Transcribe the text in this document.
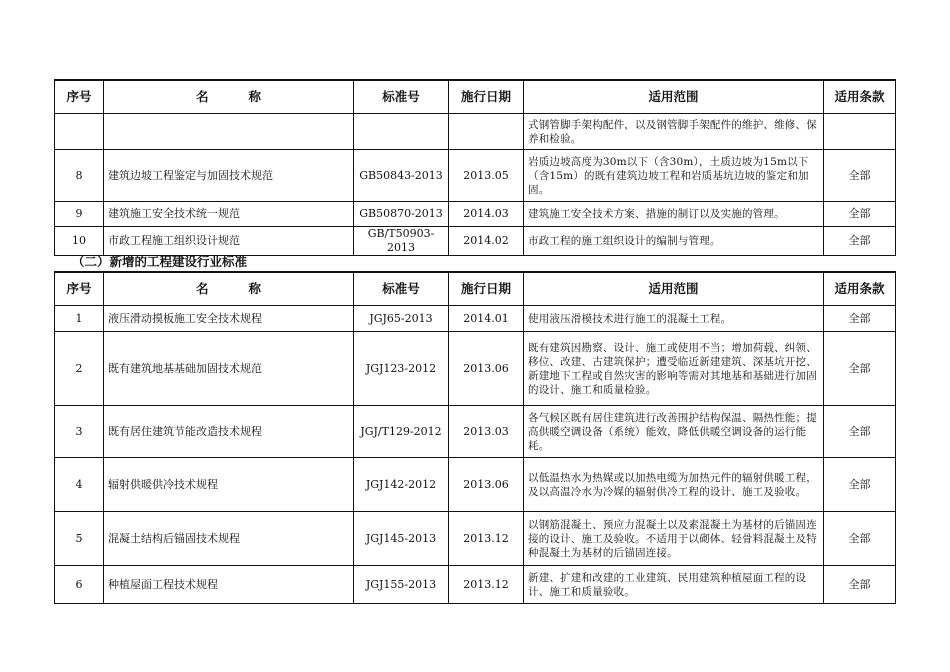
序号	名 称	标准号	施行日期	适用范围	适用条款
				式钢管脚手架构配件，以及钢管脚手架配件的维护、维修、保养和检验。	
8	建筑边坡工程鉴定与加固技术规范	GB50843-2013	2013.05	岩质边坡高度为30m以下（含30m），土质边坡为15m以下（含15m）的既有建筑边坡工程和岩质基坑边坡的鉴定和加固。	全部
9	建筑施工安全技术统一规范	GB50870-2013	2014.03	建筑施工安全技术方案、措施的制订以及实施的管理。	全部
10	市政工程施工组织设计规范	GB/T50903-2013	2014.02	市政工程的施工组织设计的编制与管理。	全部
（二）新增的工程建设行业标准
序号	名 称	标准号	施行日期	适用范围	适用条款
1	液压滑动摸板施工安全技术规程	JGJ65-2013	2014.01	使用液压滑模技术进行施工的混凝土工程。	全部
2	既有建筑地基基础加固技术规范	JGJ123-2012	2013.06	既有建筑因勘察、设计、施工或使用不当；增加荷载、纠领、移位、改建、古建筑保护；遭受临近新建建筑、深基坑开挖、新建地下工程或自然灾害的影响等需对其地基和基础进行加固的设计、施工和质量检验。	全部
3	既有居住建筑节能改造技术规程	JGJ/T129-2012	2013.03	各气候区既有居住建筑进行改善围护结构保温、隔热性能；提高供暖空调设备（系统）能效，降低供暖空调设备的运行能耗。	全部
4	辐射供暖供冷技术规程	JGJ142-2012	2013.06	以低温热水为热媒或以加热电缆为加热元件的辐射供暖工程，及以高温冷水为冷媒的辐射供冷工程的设计、施工及验收。	全部
5	混凝土结构后锚固技术规程	JGJ145-2013	2013.12	以钢筋混凝土、预应力混凝土以及素混凝土为基材的后锚固连接的设计、施工及验收。不适用于以砌体、轻骨料混凝土及特种混凝土为基材的后锚固连接。	全部
6	种植屋面工程技术规程	JGJ155-2013	2013.12	新建、扩建和改建的工业建筑、民用建筑种植屋面工程的设计、施工和质量验收。	全部
